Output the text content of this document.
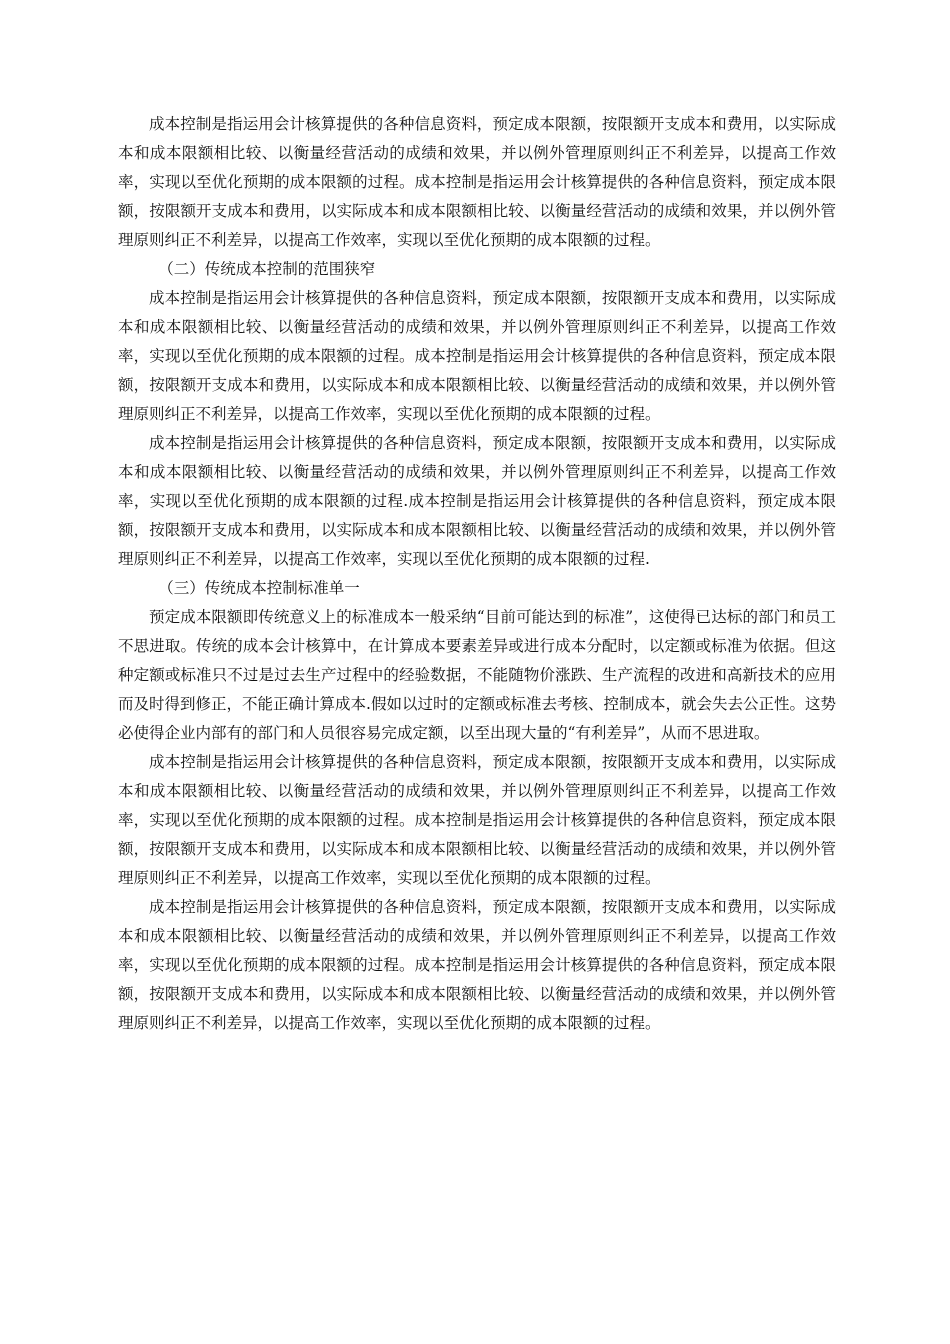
成本控制是指运用会计核算提供的各种信息资料，预定成本限额，按限额开支成本和费用，以实际成本和成本限额相比较、以衡量经营活动的成绩和效果，并以例外管理原则纠正不利差异，以提高工作效率，实现以至优化预期的成本限额的过程。成本控制是指运用会计核算提供的各种信息资料，预定成本限额，按限额开支成本和费用，以实际成本和成本限额相比较、以衡量经营活动的成绩和效果，并以例外管理原则纠正不利差异，以提高工作效率，实现以至优化预期的成本限额的过程。

（二）传统成本控制的范围狭窄

成本控制是指运用会计核算提供的各种信息资料，预定成本限额，按限额开支成本和费用，以实际成本和成本限额相比较、以衡量经营活动的成绩和效果，并以例外管理原则纠正不利差异，以提高工作效率，实现以至优化预期的成本限额的过程。成本控制是指运用会计核算提供的各种信息资料，预定成本限额，按限额开支成本和费用，以实际成本和成本限额相比较、以衡量经营活动的成绩和效果，并以例外管理原则纠正不利差异，以提高工作效率，实现以至优化预期的成本限额的过程。

成本控制是指运用会计核算提供的各种信息资料，预定成本限额，按限额开支成本和费用，以实际成本和成本限额相比较、以衡量经营活动的成绩和效果，并以例外管理原则纠正不利差异，以提高工作效率，实现以至优化预期的成本限额的过程.成本控制是指运用会计核算提供的各种信息资料，预定成本限额，按限额开支成本和费用，以实际成本和成本限额相比较、以衡量经营活动的成绩和效果，并以例外管理原则纠正不利差异，以提高工作效率，实现以至优化预期的成本限额的过程.

（三）传统成本控制标准单一

预定成本限额即传统意义上的标准成本一般采纳“目前可能达到的标准”，这使得已达标的部门和员工不思进取。传统的成本会计核算中，在计算成本要素差异或进行成本分配时，以定额或标准为依据。但这种定额或标准只不过是过去生产过程中的经验数据，不能随物价涨跌、生产流程的改进和高新技术的应用而及时得到修正，不能正确计算成本.假如以过时的定额或标准去考核、控制成本，就会失去公正性。这势必使得企业内部有的部门和人员很容易完成定额，以至出现大量的“有利差异”，从而不思进取。

成本控制是指运用会计核算提供的各种信息资料，预定成本限额，按限额开支成本和费用，以实际成本和成本限额相比较、以衡量经营活动的成绩和效果，并以例外管理原则纠正不利差异，以提高工作效率，实现以至优化预期的成本限额的过程。成本控制是指运用会计核算提供的各种信息资料，预定成本限额，按限额开支成本和费用，以实际成本和成本限额相比较、以衡量经营活动的成绩和效果，并以例外管理原则纠正不利差异，以提高工作效率，实现以至优化预期的成本限额的过程。

成本控制是指运用会计核算提供的各种信息资料，预定成本限额，按限额开支成本和费用，以实际成本和成本限额相比较、以衡量经营活动的成绩和效果，并以例外管理原则纠正不利差异，以提高工作效率，实现以至优化预期的成本限额的过程。成本控制是指运用会计核算提供的各种信息资料，预定成本限额，按限额开支成本和费用，以实际成本和成本限额相比较、以衡量经营活动的成绩和效果，并以例外管理原则纠正不利差异，以提高工作效率，实现以至优化预期的成本限额的过程。
